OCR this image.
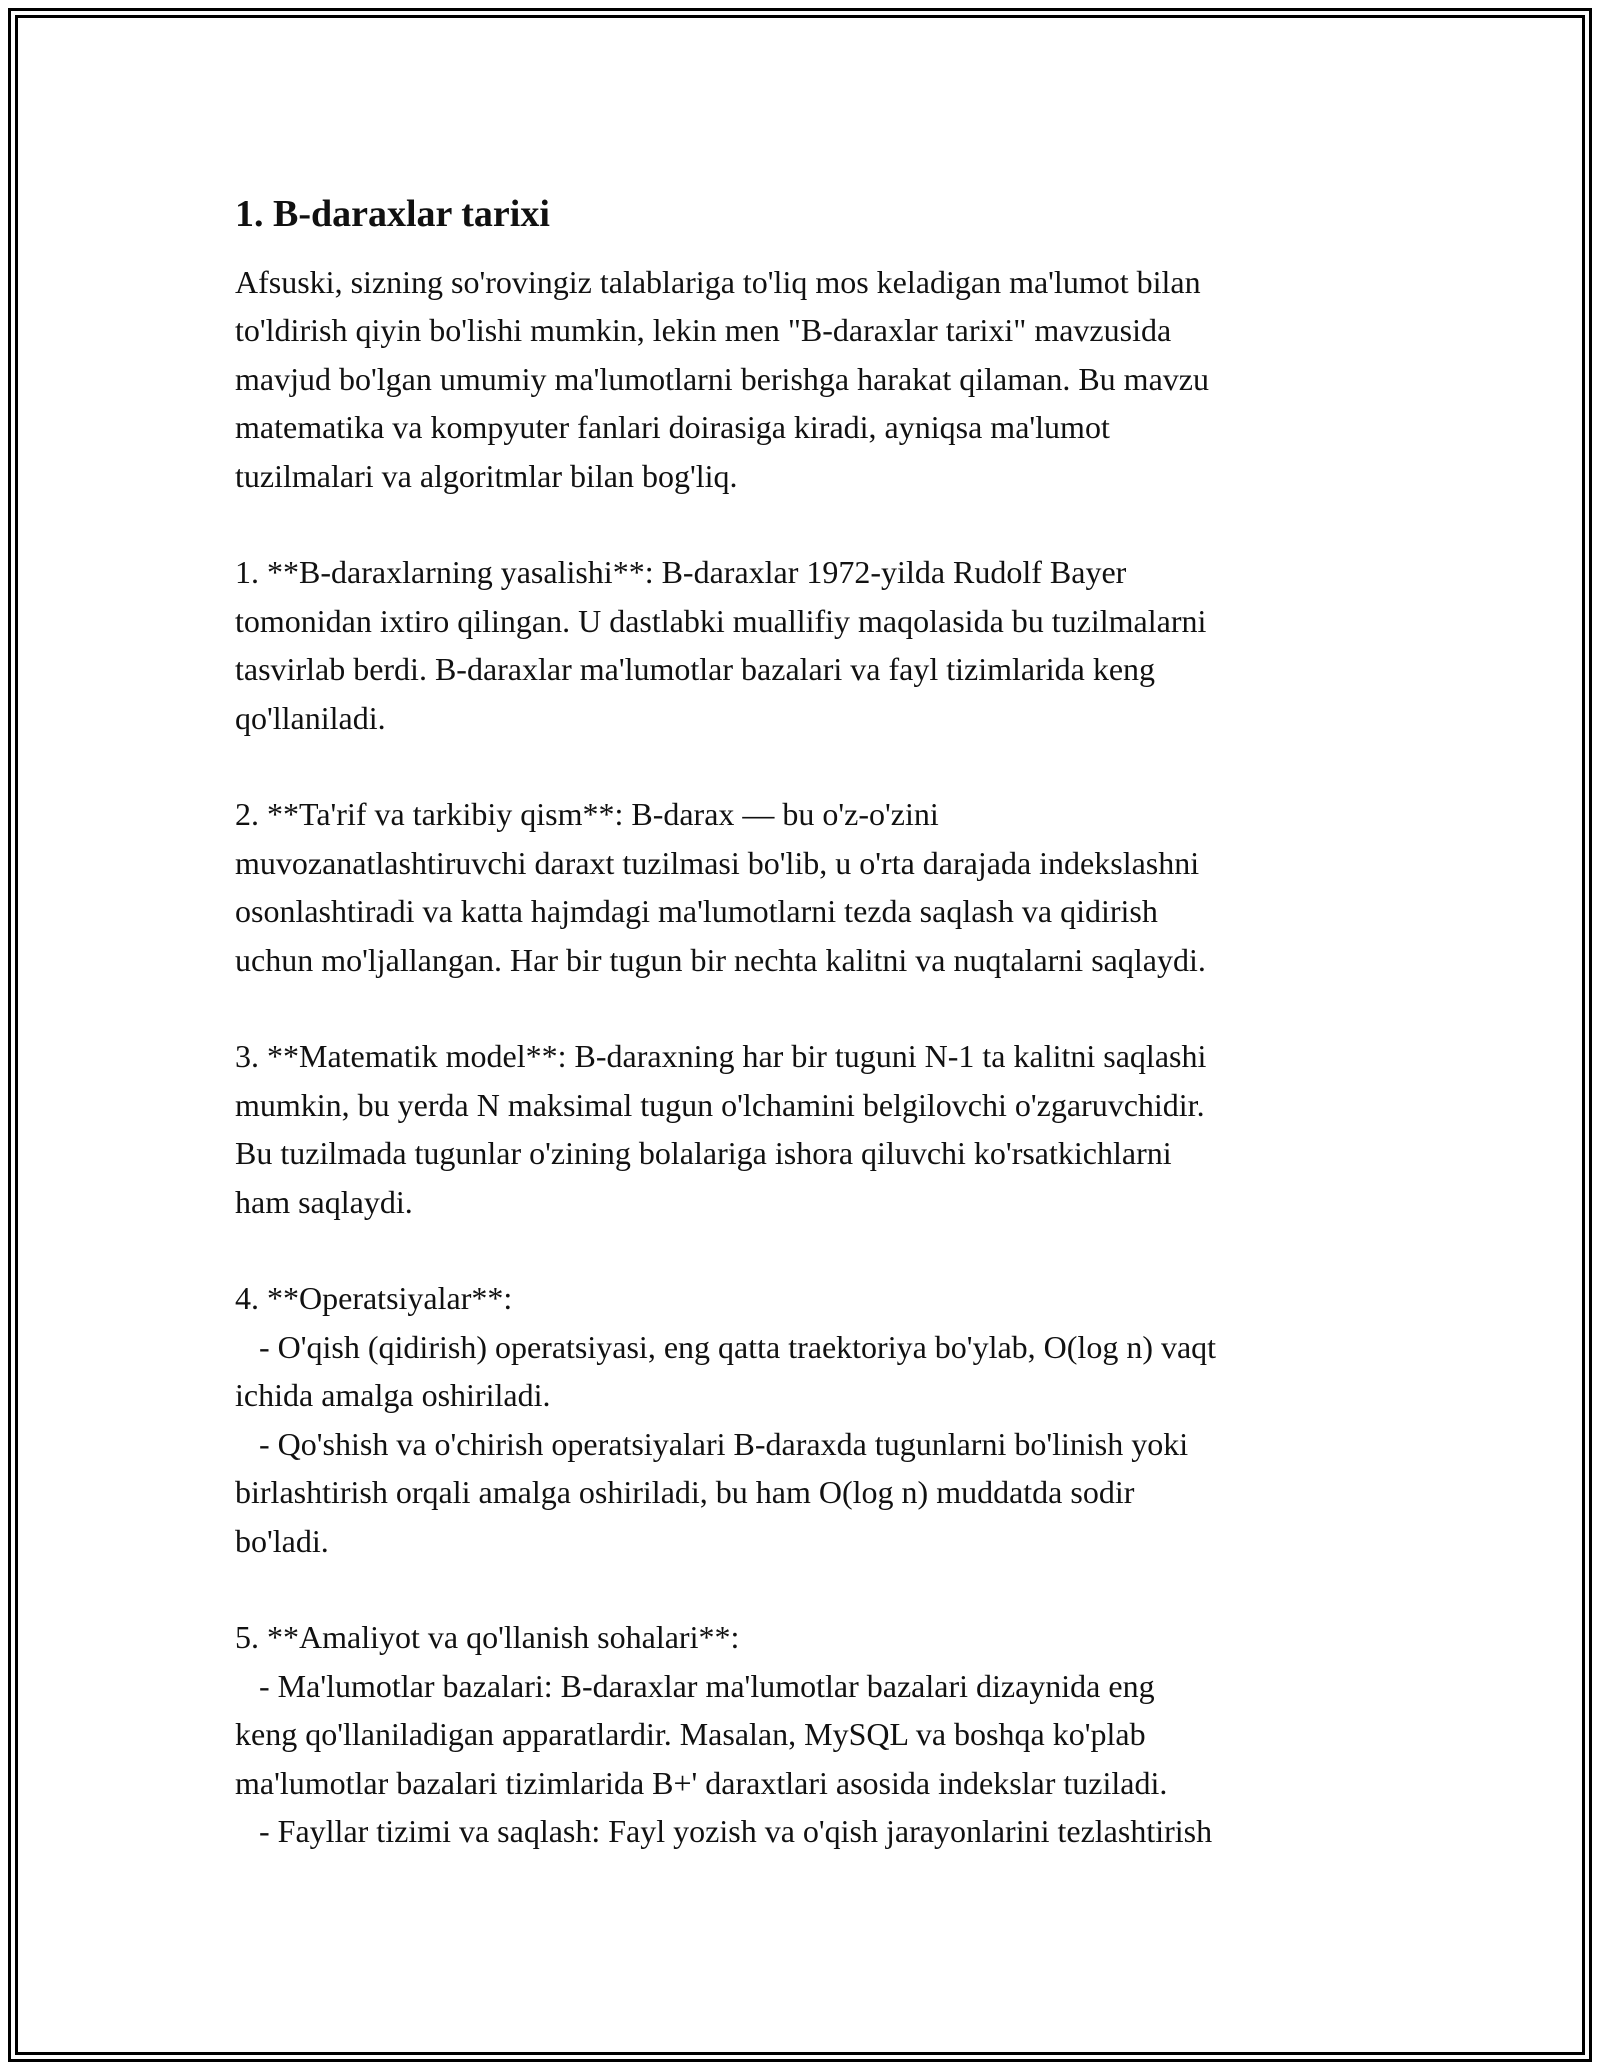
1. B-daraxlar tarixi

Afsuski, sizning so'rovingiz talablariga to'liq mos keladigan ma'lumot bilan
to'ldirish qiyin bo'lishi mumkin, lekin men "B-daraxlar tarixi" mavzusida
mavjud bo'lgan umumiy ma'lumotlarni berishga harakat qilaman. Bu mavzu
matematika va kompyuter fanlari doirasiga kiradi, ayniqsa ma'lumot
tuzilmalari va algoritmlar bilan bog'liq.

1. **B-daraxlarning yasalishi**: B-daraxlar 1972-yilda Rudolf Bayer
tomonidan ixtiro qilingan. U dastlabki muallifiy maqolasida bu tuzilmalarni
tasvirlab berdi. B-daraxlar ma'lumotlar bazalari va fayl tizimlarida keng
qo'llaniladi.

2. **Ta'rif va tarkibiy qism**: B-darax — bu o'z-o'zini
muvozanatlashtiruvchi daraxt tuzilmasi bo'lib, u o'rta darajada indekslashni
osonlashtiradi va katta hajmdagi ma'lumotlarni tezda saqlash va qidirish
uchun mo'ljallangan. Har bir tugun bir nechta kalitni va nuqtalarni saqlaydi.

3. **Matematik model**: B-daraxning har bir tuguni N-1 ta kalitni saqlashi
mumkin, bu yerda N maksimal tugun o'lchamini belgilovchi o'zgaruvchidir.
Bu tuzilmada tugunlar o'zining bolalariga ishora qiluvchi ko'rsatkichlarni
ham saqlaydi.

4. **Operatsiyalar**:
- O'qish (qidirish) operatsiyasi, eng qatta traektoriya bo'ylab, O(log n) vaqt
ichida amalga oshiriladi.
- Qo'shish va o'chirish operatsiyalari B-daraxda tugunlarni bo'linish yoki
birlashtirish orqali amalga oshiriladi, bu ham O(log n) muddatda sodir
bo'ladi.

5. **Amaliyot va qo'llanish sohalari**:
- Ma'lumotlar bazalari: B-daraxlar ma'lumotlar bazalari dizaynida eng
keng qo'llaniladigan apparatlardir. Masalan, MySQL va boshqa ko'plab
ma'lumotlar bazalari tizimlarida B+' daraxtlari asosida indekslar tuziladi.
- Fayllar tizimi va saqlash: Fayl yozish va o'qish jarayonlarini tezlashtirish
